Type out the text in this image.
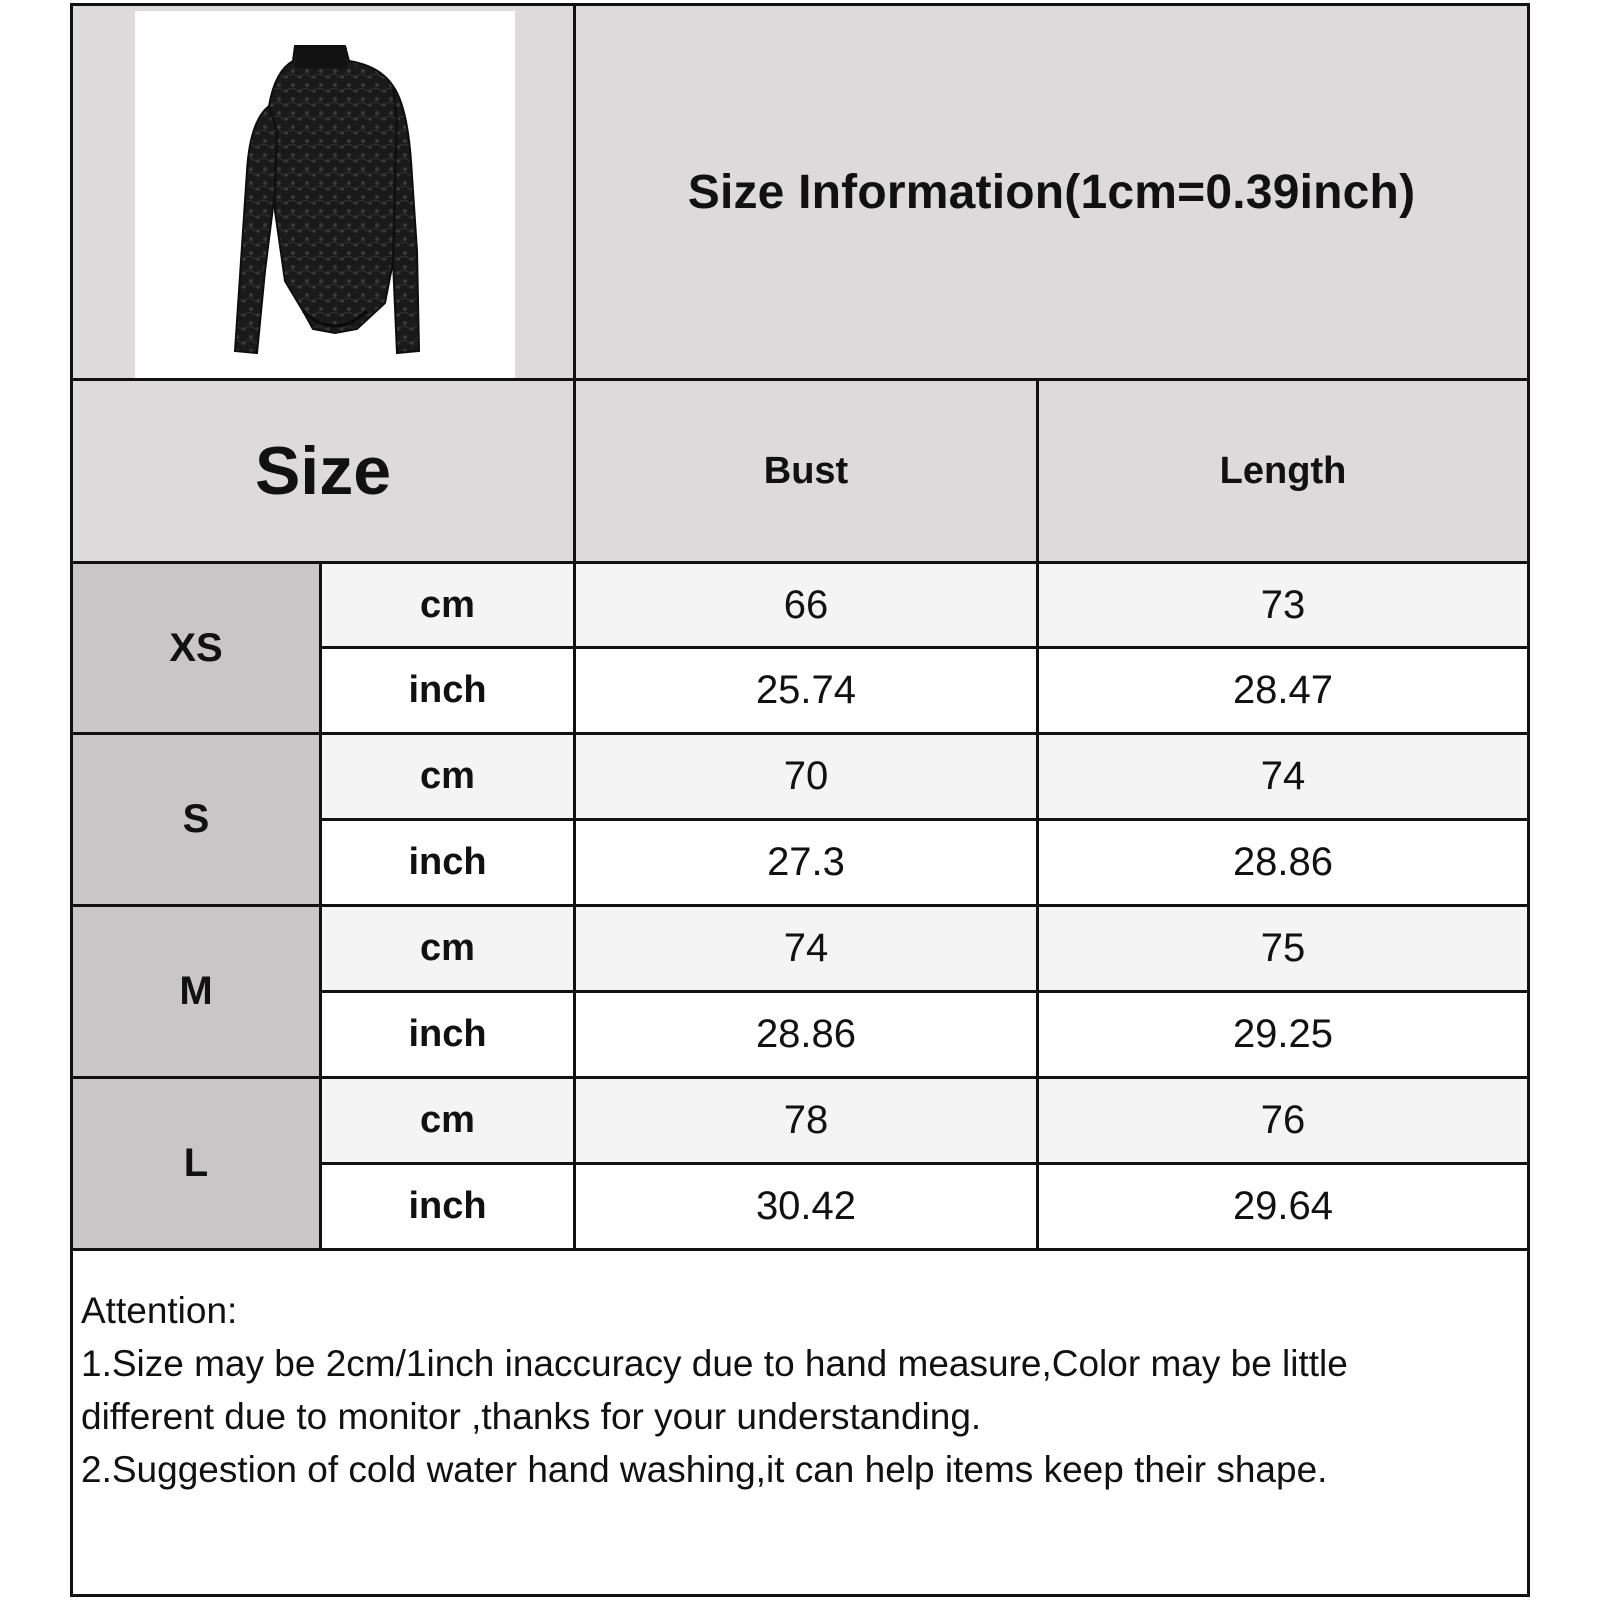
Size Information(1cm=0.39inch)
Size	Bust	Length
XS
cm
inch
66
25.74
73
28.47
S
cm
inch
70
27.3
74
28.86
M
cm
inch
74
28.86
75
29.25
L
cm
inch
78
30.42
76
29.64
Attention:
1.Size may be 2cm/1inch inaccuracy due to hand measure,Color may be little
different due to monitor ,thanks for your understanding.
2.Suggestion of cold water hand washing,it can help items keep their shape.
